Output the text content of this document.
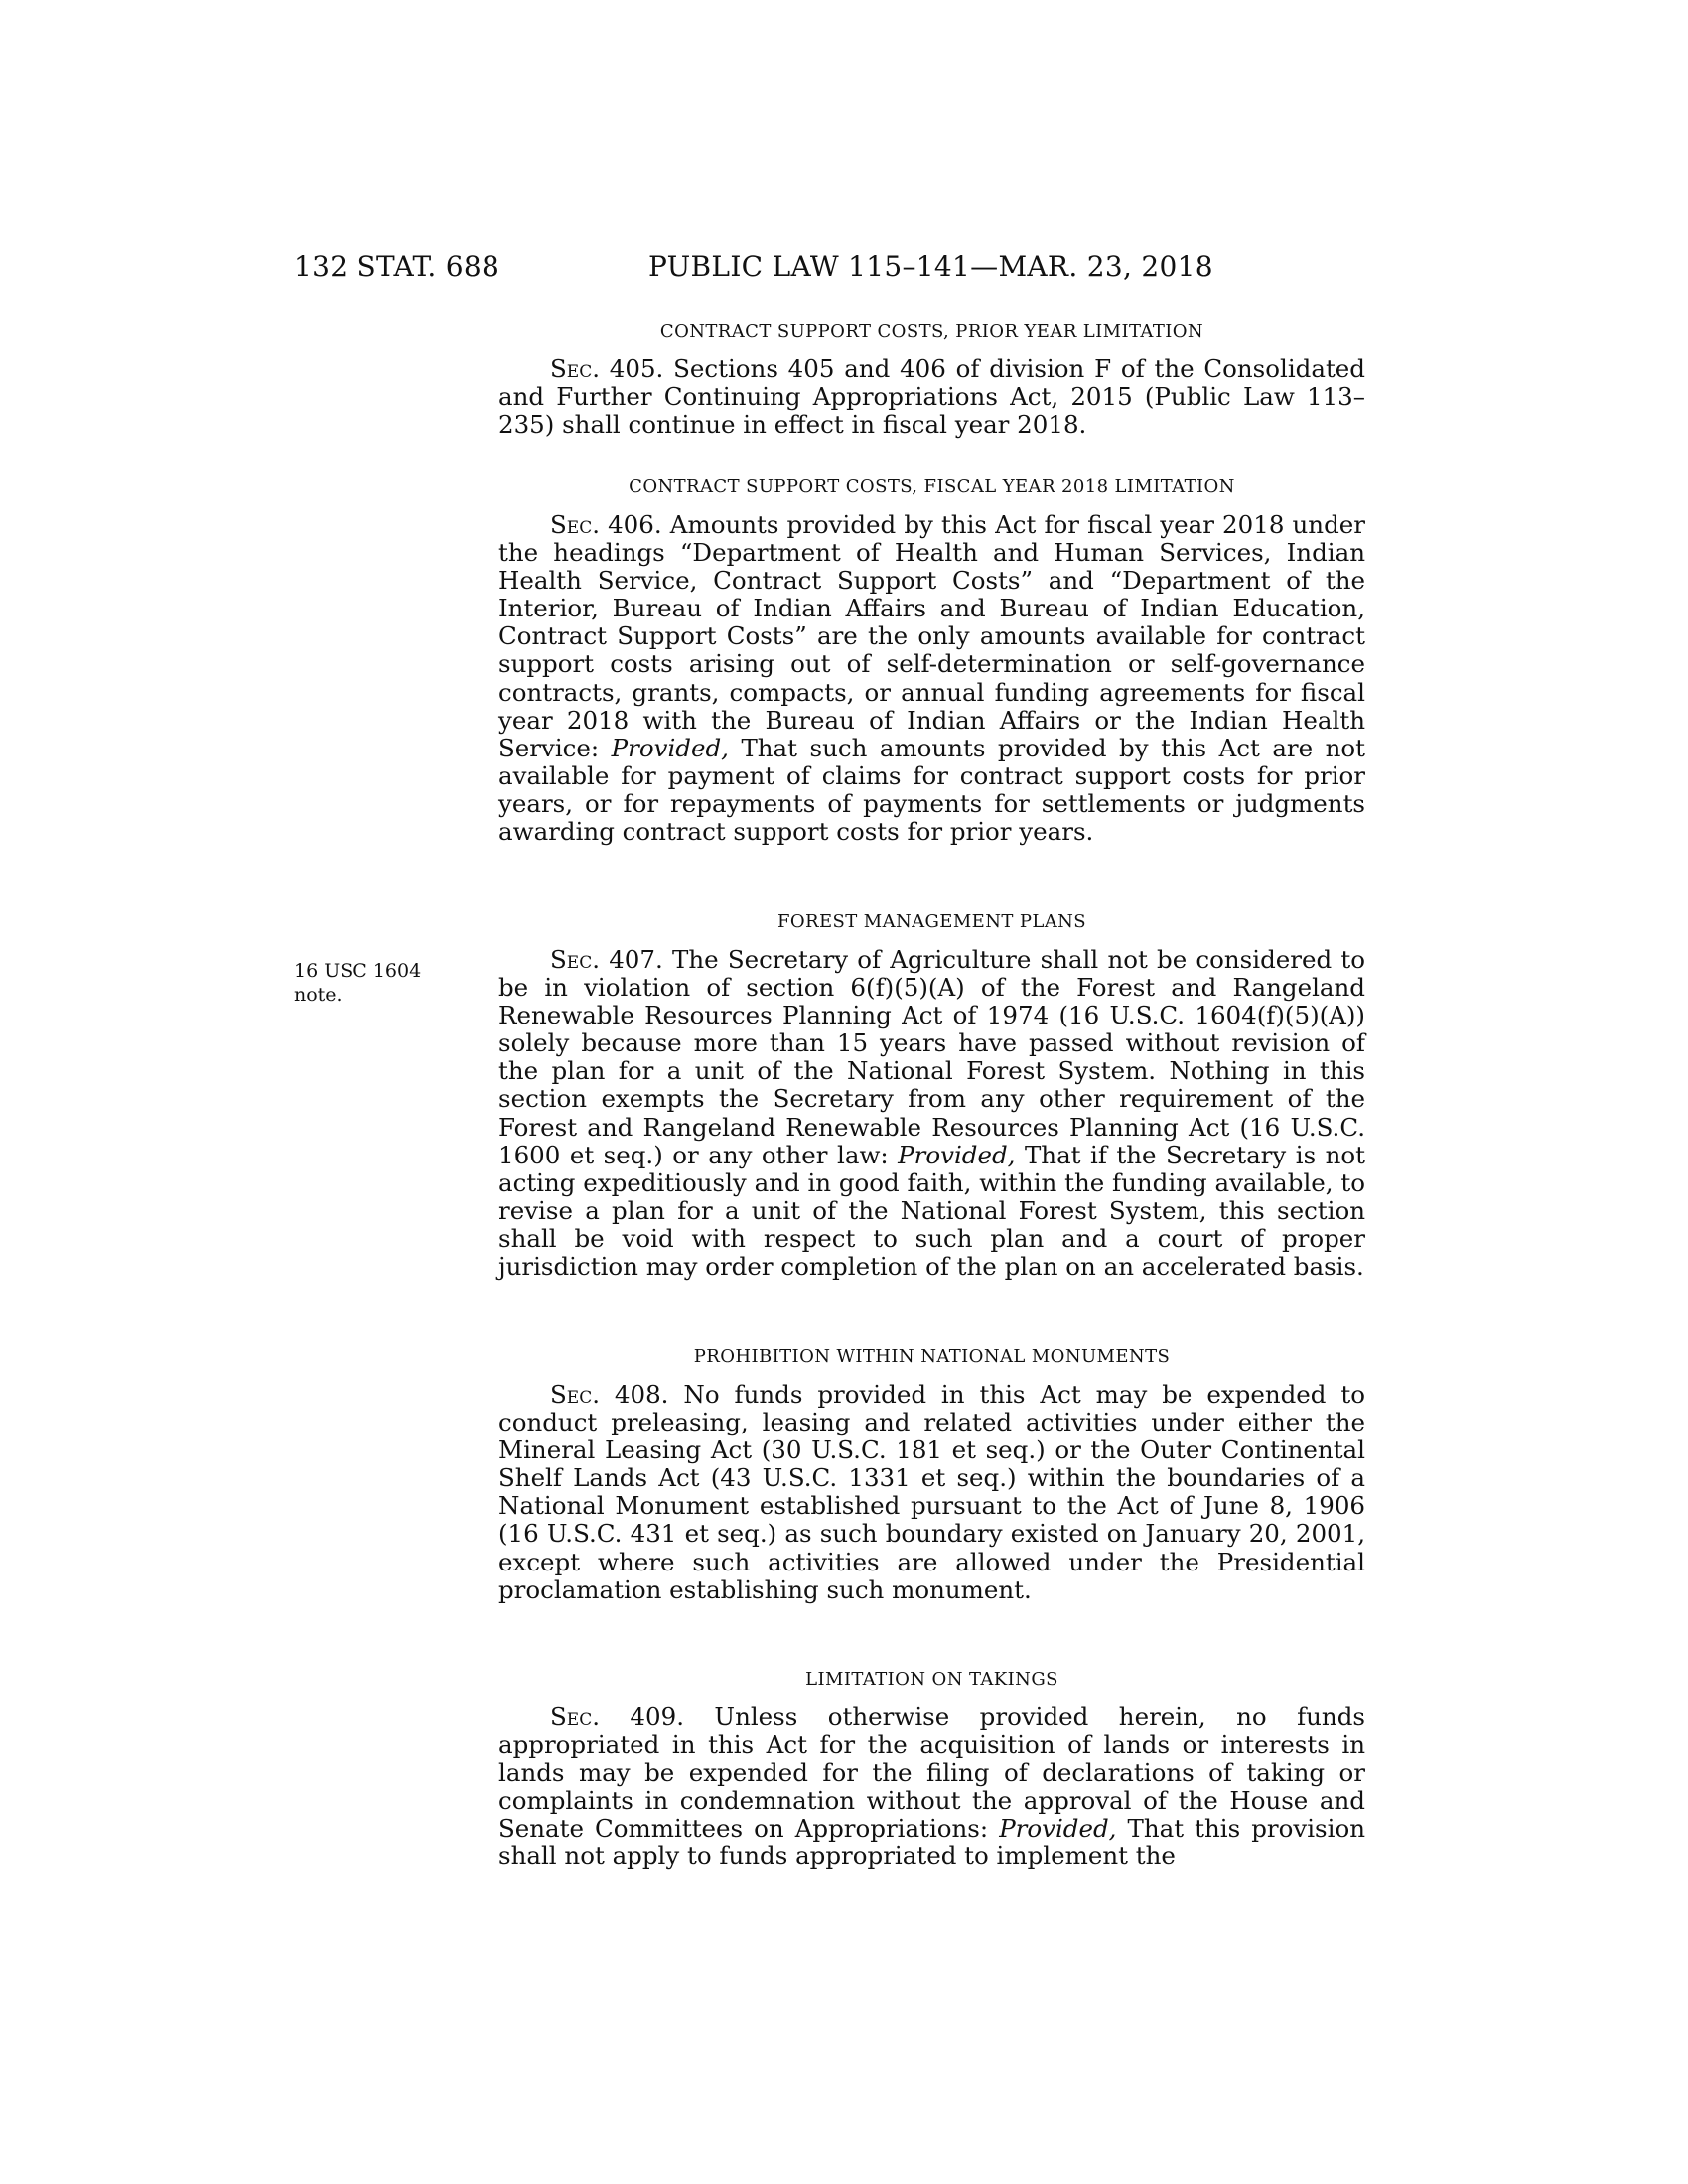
132 STAT. 688	PUBLIC LAW 115–141—MAR. 23, 2018

CONTRACT SUPPORT COSTS, PRIOR YEAR LIMITATION

Sec. 405. Sections 405 and 406 of division F of the Consolidated and Further Continuing Appropriations Act, 2015 (Public Law 113–235) shall continue in effect in fiscal year 2018.

CONTRACT SUPPORT COSTS, FISCAL YEAR 2018 LIMITATION

Sec. 406. Amounts provided by this Act for fiscal year 2018 under the headings “Department of Health and Human Services, Indian Health Service, Contract Support Costs” and “Department of the Interior, Bureau of Indian Affairs and Bureau of Indian Education, Contract Support Costs” are the only amounts available for contract support costs arising out of self-determination or self-governance contracts, grants, compacts, or annual funding agreements for fiscal year 2018 with the Bureau of Indian Affairs or the Indian Health Service: Provided, That such amounts provided by this Act are not available for payment of claims for contract support costs for prior years, or for repayments of payments for settlements or judgments awarding contract support costs for prior years.

16 USC 1604
note.

FOREST MANAGEMENT PLANS

Sec. 407. The Secretary of Agriculture shall not be considered to be in violation of section 6(f)(5)(A) of the Forest and Rangeland Renewable Resources Planning Act of 1974 (16 U.S.C. 1604(f)(5)(A)) solely because more than 15 years have passed without revision of the plan for a unit of the National Forest System. Nothing in this section exempts the Secretary from any other requirement of the Forest and Rangeland Renewable Resources Planning Act (16 U.S.C. 1600 et seq.) or any other law: Provided, That if the Secretary is not acting expeditiously and in good faith, within the funding available, to revise a plan for a unit of the National Forest System, this section shall be void with respect to such plan and a court of proper jurisdiction may order completion of the plan on an accelerated basis.

PROHIBITION WITHIN NATIONAL MONUMENTS

Sec. 408. No funds provided in this Act may be expended to conduct preleasing, leasing and related activities under either the Mineral Leasing Act (30 U.S.C. 181 et seq.) or the Outer Continental Shelf Lands Act (43 U.S.C. 1331 et seq.) within the boundaries of a National Monument established pursuant to the Act of June 8, 1906 (16 U.S.C. 431 et seq.) as such boundary existed on January 20, 2001, except where such activities are allowed under the Presidential proclamation establishing such monument.

LIMITATION ON TAKINGS

Sec. 409. Unless otherwise provided herein, no funds appropriated in this Act for the acquisition of lands or interests in lands may be expended for the filing of declarations of taking or complaints in condemnation without the approval of the House and Senate Committees on Appropriations: Provided, That this provision shall not apply to funds appropriated to implement the
